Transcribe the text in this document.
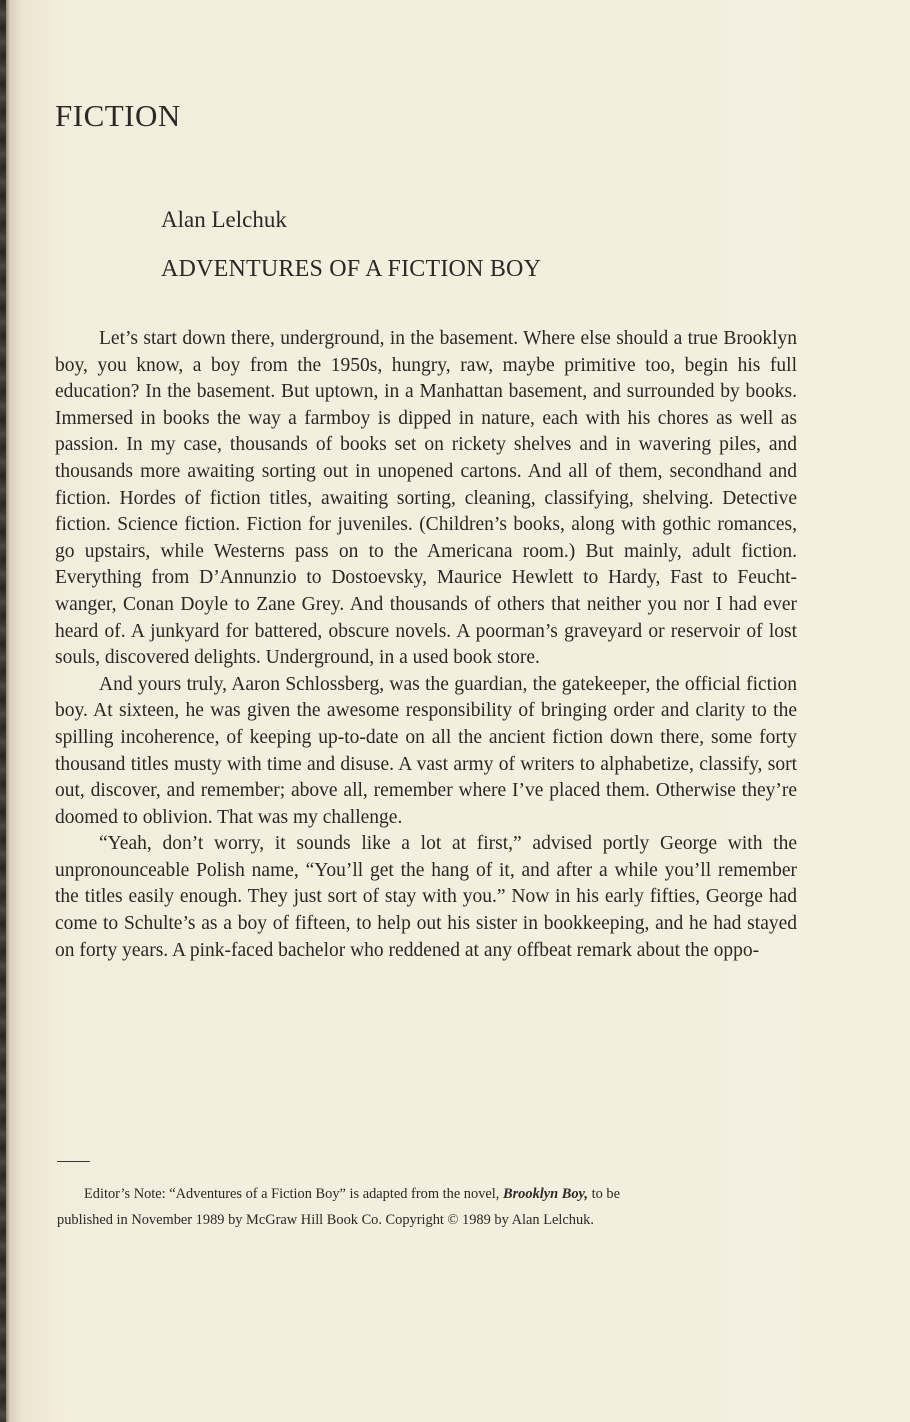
FICTION
Alan Lelchuk
ADVENTURES OF A FICTION BOY

Let’s start down there, underground, in the basement. Where else should a true Brooklyn boy, you know, a boy from the 1950s, hungry, raw, maybe primitive too, begin his full education? In the basement. But uptown, in a Manhattan basement, and surrounded by books. Immersed in books the way a farmboy is dipped in nature, each with his chores as well as passion. In my case, thousands of books set on rickety shelves and in wavering piles, and thousands more awaiting sorting out in unopened cartons. And all of them, secondhand and fiction. Hordes of fiction titles, awaiting sorting, cleaning, classifying, shelving. Detective fiction. Science fiction. Fiction for juveniles. (Children’s books, along with gothic romances, go upstairs, while Westerns pass on to the Americana room.) But mainly, adult fiction. Everything from D’Annunzio to Dostoevsky, Maurice Hewlett to Hardy, Fast to Feuchtwanger, Conan Doyle to Zane Grey. And thousands of others that neither you nor I had ever heard of. A junkyard for battered, obscure novels. A poorman’s graveyard or reservoir of lost souls, discovered delights. Underground, in a used book store.

And yours truly, Aaron Schlossberg, was the guardian, the gatekeeper, the official fiction boy. At sixteen, he was given the awesome responsibility of bringing order and clarity to the spilling incoherence, of keeping up-to-date on all the ancient fiction down there, some forty thousand titles musty with time and disuse. A vast army of writers to alphabetize, classify, sort out, discover, and remember; above all, remember where I’ve placed them. Otherwise they’re doomed to oblivion. That was my challenge.

“Yeah, don’t worry, it sounds like a lot at first,” advised portly George with the unpronounceable Polish name, “You’ll get the hang of it, and after a while you’ll remember the titles easily enough. They just sort of stay with you.” Now in his early fifties, George had come to Schulte’s as a boy of fifteen, to help out his sister in bookkeeping, and he had stayed on forty years. A pink-faced bachelor who reddened at any offbeat remark about the oppo-

Editor’s Note: “Adventures of a Fiction Boy” is adapted from the novel, Brooklyn Boy, to be
published in November 1989 by McGraw Hill Book Co. Copyright © 1989 by Alan Lelchuk.
